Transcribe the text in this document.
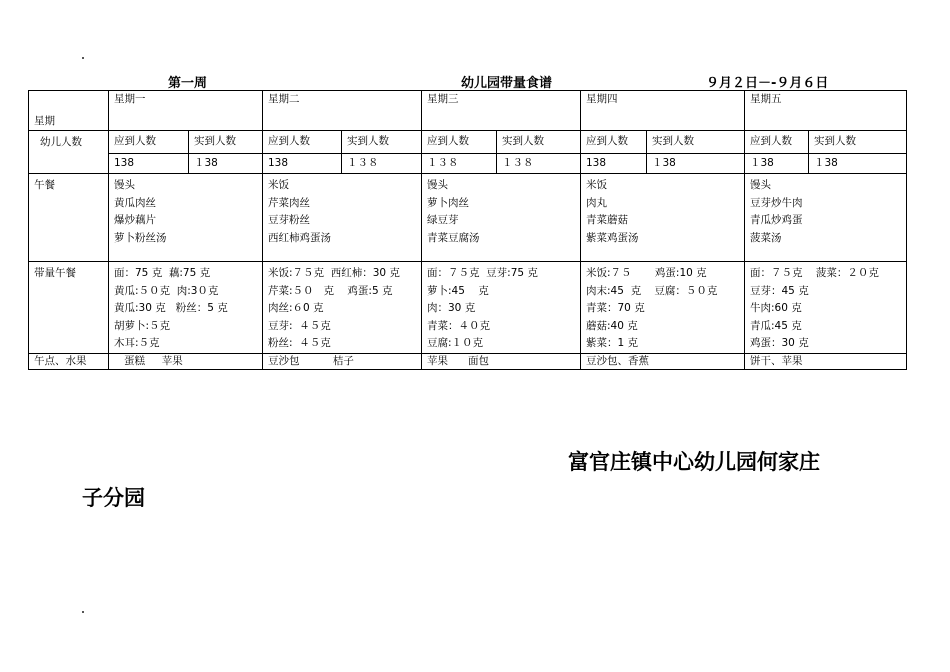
第一周	幼儿园带量食谱	９月２日－-９月６日
星期	星期一		星期二		星期三		星期四		星期五	
幼儿人数	应到人数	实到人数	应到人数	实到人数	应到人数	实到人数	应到人数	实到人数	应到人数	实到人数
	138	１38	138	１３８	１３８	１３８	138	１38	１38	１38
午餐	馒头
黄瓜肉丝
爆炒藕片
萝卜粉丝汤		米饭
芹菜肉丝
豆芽粉丝
西红柿鸡蛋汤		馒头
萝卜肉丝
绿豆芽
青菜豆腐汤		米饭
肉丸
青菜蘑菇
紫菜鸡蛋汤		馒头
豆芽炒牛肉
青瓜炒鸡蛋
菠菜汤	

带量午餐	面：75 克  藕:75 克
黄瓜:５０克  肉:3０克
黄瓜:30 克   粉丝：5 克
胡萝卜:５克
木耳:５克		米饭:７５克  西红柿：30 克
芹菜:５０   克    鸡蛋:5 克
肉丝:６0 克
豆芽:  ４５克
粉丝:  ４５克		面：７５克  豆芽:75 克
萝卜:45    克
肉：30 克
青菜：４０克
豆腐:１０克		米饭:７５       鸡蛋:10 克
肉末:45  克    豆腐：５０克
青菜：70 克
蘑菇:40 克
紫菜：1 克		面：７５克    菠菜：２０克
豆芽：45 克
牛肉:60 克
青瓜:45 克
鸡蛋：30 克	

午点、水果	蛋糕     苹果		豆沙包          桔子		苹果      面包		豆沙包、香蕉		饼干、苹果	
富官庄镇中心幼儿园何家庄
子分园
